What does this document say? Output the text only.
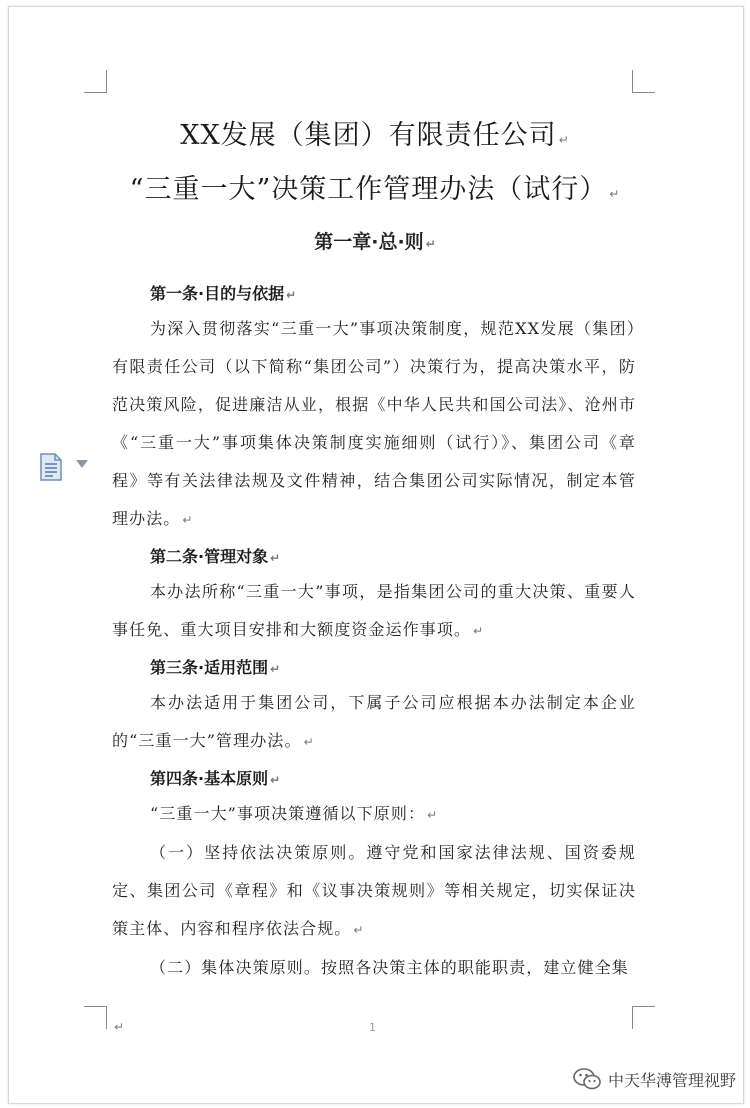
XX发展（集团）有限责任公司 ↵
“三重一大”决策工作管理办法（试行） ↵
第一章·总·则 ↵
第一条·目的与依据 ↵

为深入贯彻落实“三重一大”事项决策制度，规范XX发展（集团）有限责任公司（以下简称“集团公司”）决策行为，提高决策水平，防范决策风险，促进廉洁从业，根据《中华人民共和国公司法》、沧州市《“三重一大”事项集体决策制度实施细则（试行）》、集团公司《章程》等有关法律法规及文件精神，结合集团公司实际情况，制定本管理办法。 ↵

第二条·管理对象 ↵

本办法所称“三重一大”事项，是指集团公司的重大决策、重要人事任免、重大项目安排和大额度资金运作事项。 ↵

第三条·适用范围 ↵

本办法适用于集团公司，下属子公司应根据本办法制定本企业的“三重一大”管理办法。 ↵

第四条·基本原则 ↵

“三重一大”事项决策遵循以下原则： ↵

（一）坚持依法决策原则。遵守党和国家法律法规、国资委规定、集团公司《章程》和《议事决策规则》等相关规定，切实保证决策主体、内容和程序依法合规。 ↵

（二）集体决策原则。按照各决策主体的职能职责，建立健全集

↵	1
中天华溥管理视野
